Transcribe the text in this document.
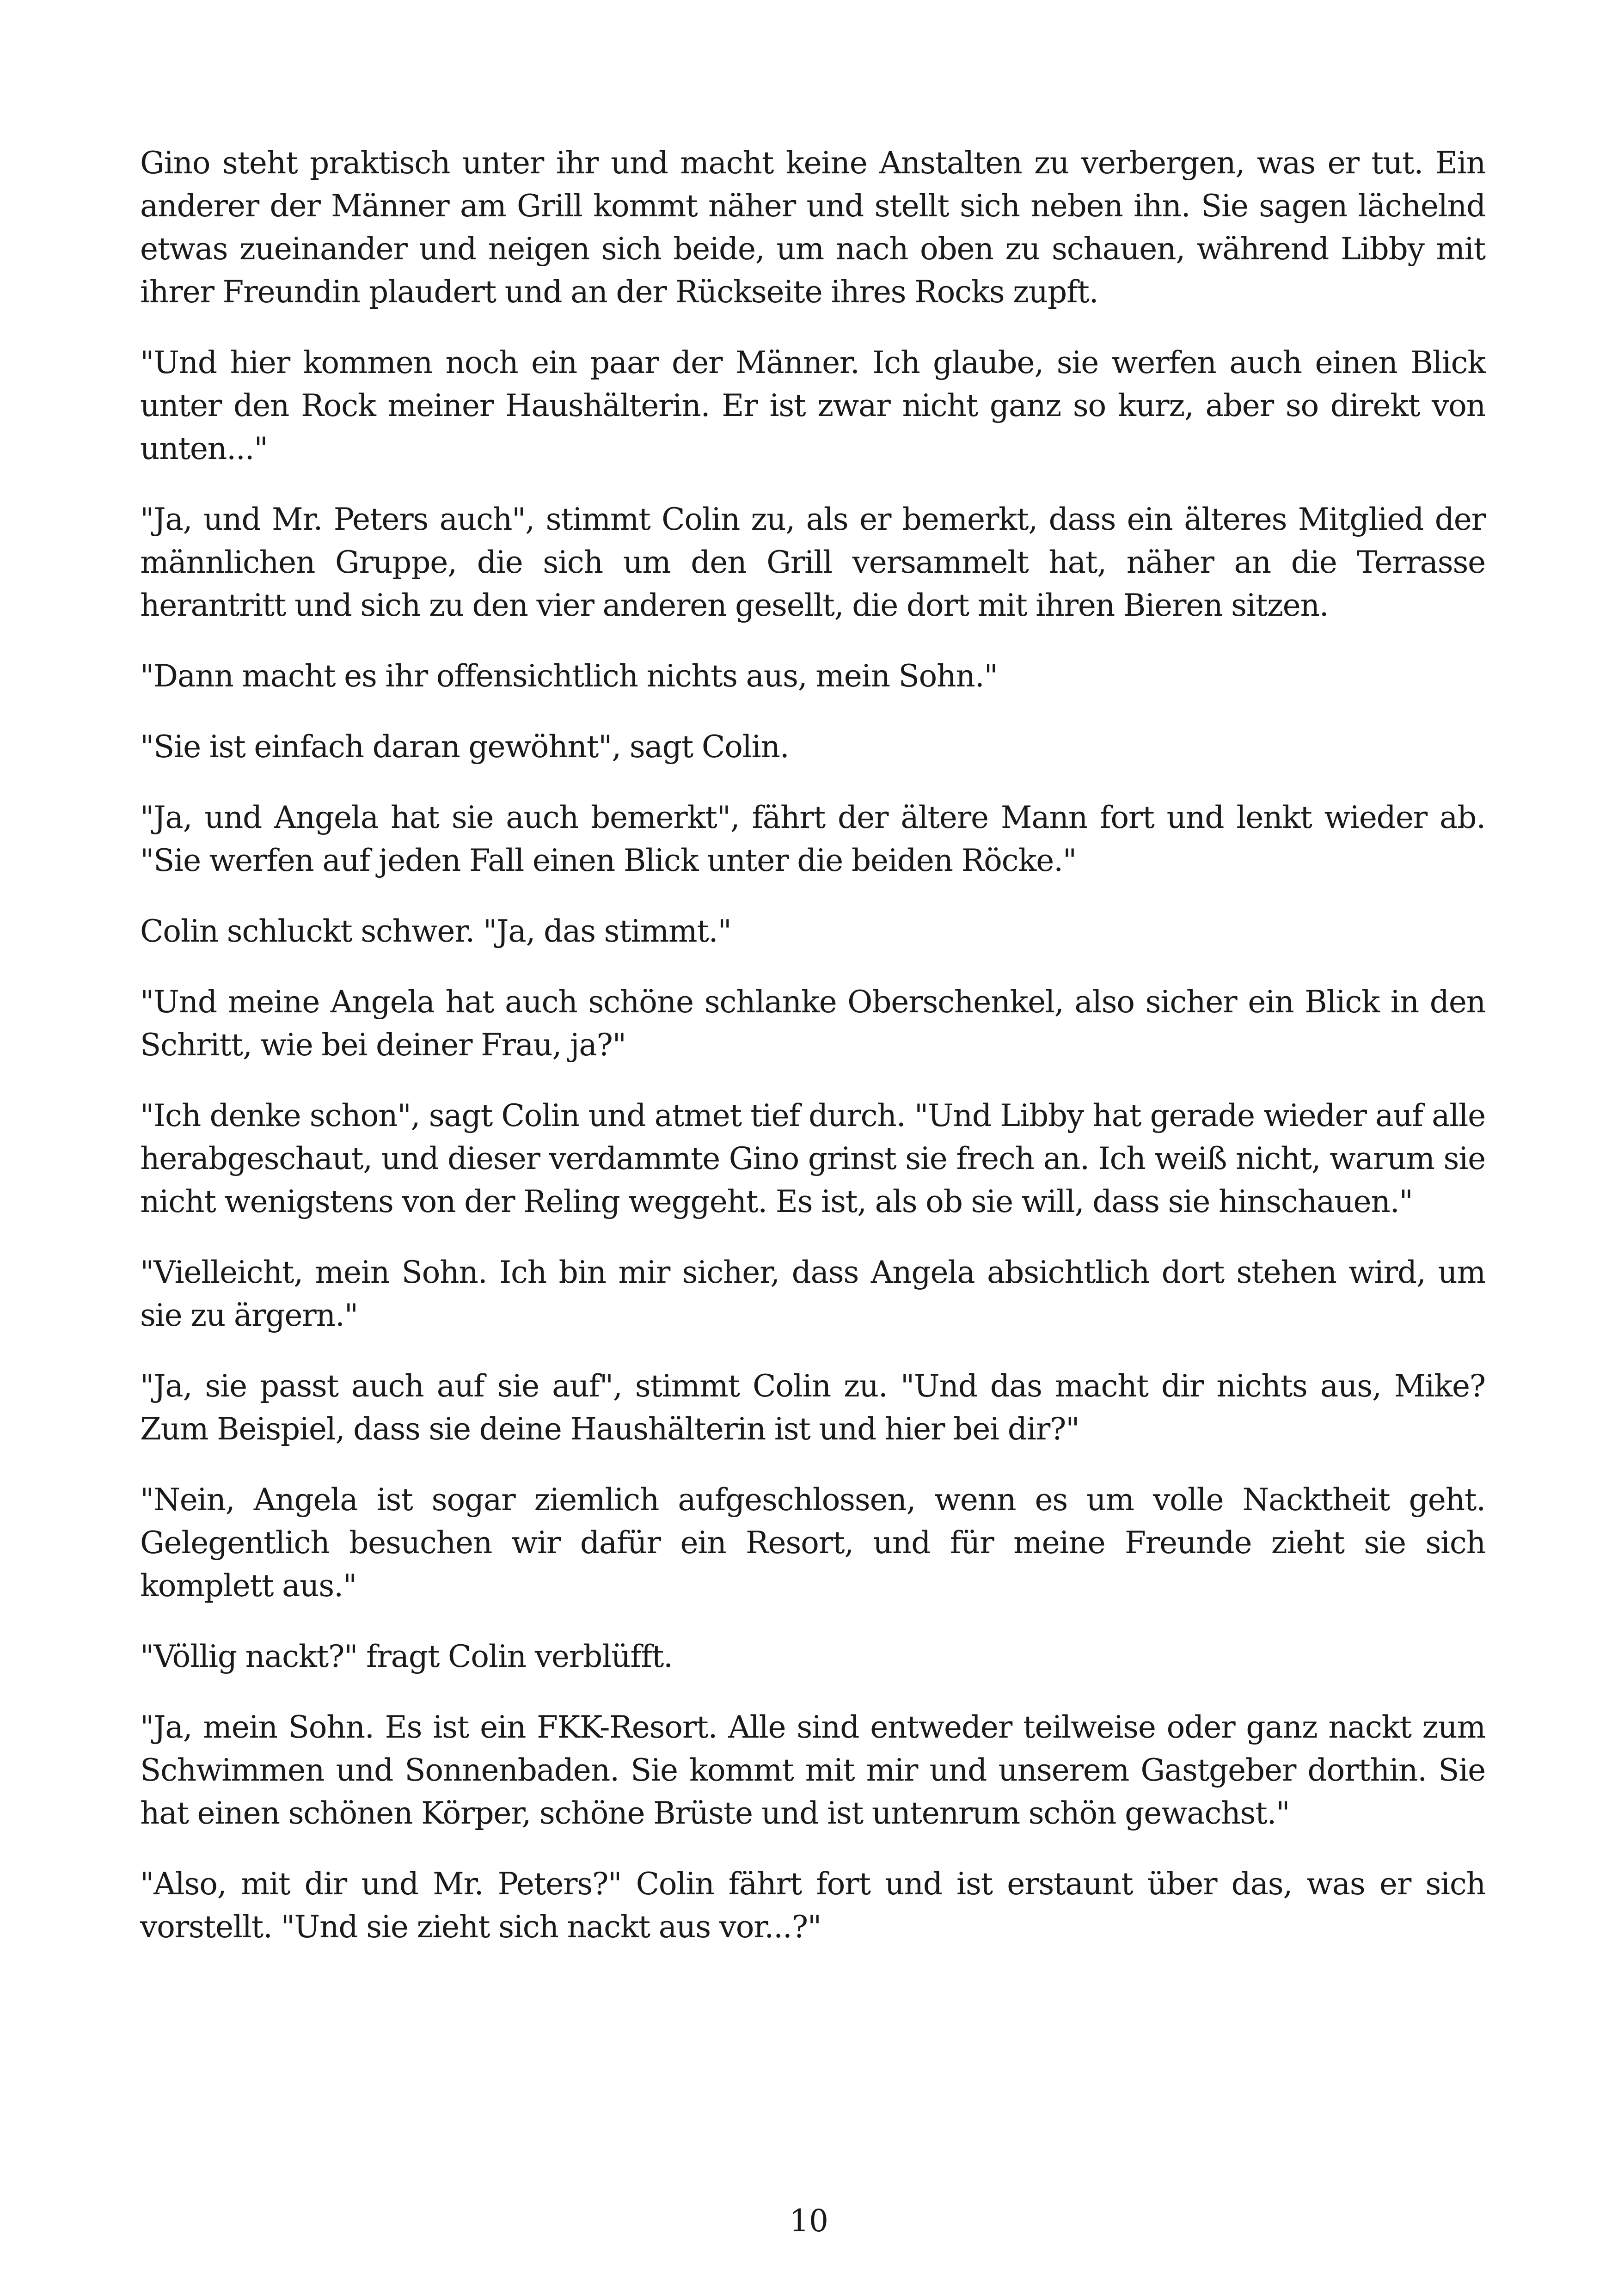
Gino steht praktisch unter ihr und macht keine Anstalten zu verbergen, was er tut. Ein anderer der Männer am Grill kommt näher und stellt sich neben ihn. Sie sagen lächelnd etwas zueinander und neigen sich beide, um nach oben zu schauen, während Libby mit ihrer Freundin plaudert und an der Rückseite ihres Rocks zupft.

"Und hier kommen noch ein paar der Männer. Ich glaube, sie werfen auch einen Blick unter den Rock meiner Haushälterin. Er ist zwar nicht ganz so kurz, aber so direkt von unten..."

"Ja, und Mr. Peters auch", stimmt Colin zu, als er bemerkt, dass ein älteres Mitglied der männlichen Gruppe, die sich um den Grill versammelt hat, näher an die Terrasse herantritt und sich zu den vier anderen gesellt, die dort mit ihren Bieren sitzen.

"Dann macht es ihr offensichtlich nichts aus, mein Sohn."

"Sie ist einfach daran gewöhnt", sagt Colin.

"Ja, und Angela hat sie auch bemerkt", fährt der ältere Mann fort und lenkt wieder ab. "Sie werfen auf jeden Fall einen Blick unter die beiden Röcke."

Colin schluckt schwer. "Ja, das stimmt."

"Und meine Angela hat auch schöne schlanke Oberschenkel, also sicher ein Blick in den Schritt, wie bei deiner Frau, ja?"

"Ich denke schon", sagt Colin und atmet tief durch. "Und Libby hat gerade wieder auf alle herabgeschaut, und dieser verdammte Gino grinst sie frech an. Ich weiß nicht, warum sie nicht wenigstens von der Reling weggeht. Es ist, als ob sie will, dass sie hinschauen."

"Vielleicht, mein Sohn. Ich bin mir sicher, dass Angela absichtlich dort stehen wird, um sie zu ärgern."

"Ja, sie passt auch auf sie auf", stimmt Colin zu. "Und das macht dir nichts aus, Mike? Zum Beispiel, dass sie deine Haushälterin ist und hier bei dir?"

"Nein, Angela ist sogar ziemlich aufgeschlossen, wenn es um volle Nacktheit geht. Gelegentlich besuchen wir dafür ein Resort, und für meine Freunde zieht sie sich komplett aus."

"Völlig nackt?" fragt Colin verblüfft.

"Ja, mein Sohn. Es ist ein FKK-Resort. Alle sind entweder teilweise oder ganz nackt zum Schwimmen und Sonnenbaden. Sie kommt mit mir und unserem Gastgeber dorthin. Sie hat einen schönen Körper, schöne Brüste und ist untenrum schön gewachst."

"Also, mit dir und Mr. Peters?" Colin fährt fort und ist erstaunt über das, was er sich vorstellt. "Und sie zieht sich nackt aus vor...?"

10
